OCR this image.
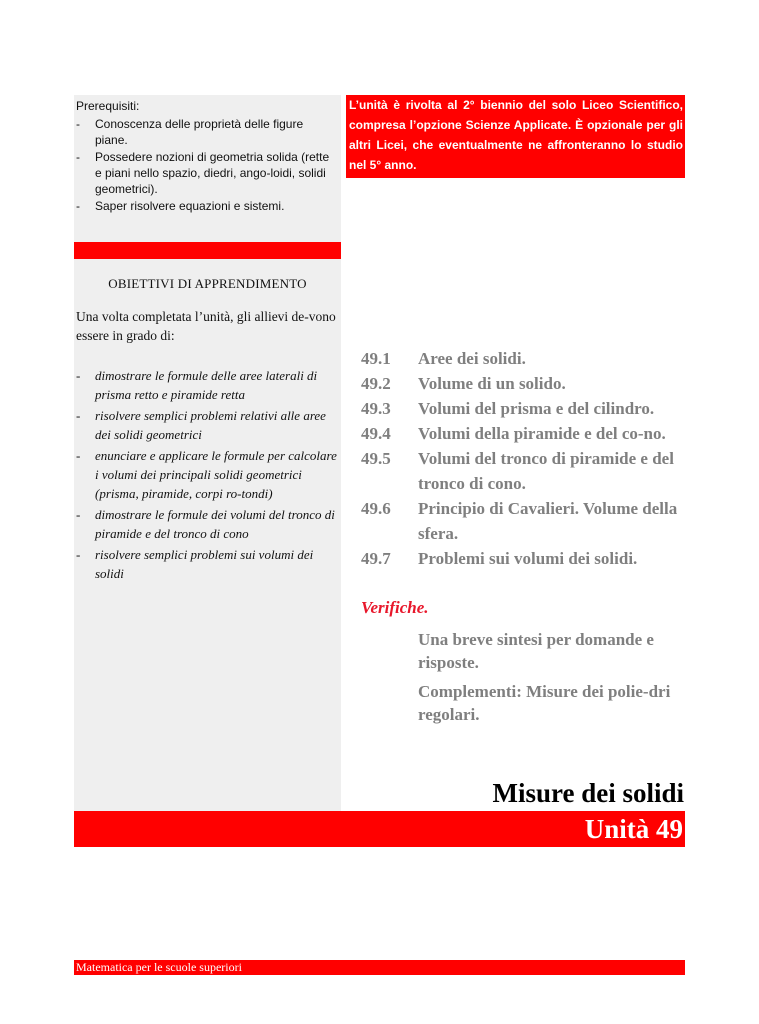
Prerequisiti:
- Conoscenza delle proprietà delle figure piane.
- Possedere nozioni di geometria solida (rette e piani nello spazio, diedri, ango-loidi, solidi geometrici).
- Saper risolvere equazioni e sistemi.
OBIETTIVI DI APPRENDIMENTO
Una volta completata l’unità, gli allievi de-vono essere in grado di:
- dimostrare le formule delle aree laterali di prisma retto e piramide retta
- risolvere semplici problemi relativi alle aree dei solidi geometrici
- enunciare e applicare le formule per calcolare i volumi dei principali solidi geometrici (prisma, piramide, corpi ro-tondi)
- dimostrare le formule dei volumi del tronco di piramide e del tronco di cono
- risolvere semplici problemi sui volumi dei solidi
L’unità è rivolta al 2° biennio del solo Liceo Scientifico, compresa l’opzione Scienze Applicate. È opzionale per gli altri Licei, che eventualmente ne affronteranno lo studio nel 5° anno.
49.1	Aree dei solidi.
49.2	Volume di un solido.
49.3	Volumi del prisma e del cilindro.
49.4	Volumi della piramide e del co-no.
49.5	Volumi del tronco di piramide e del tronco di cono.
49.6	Principio di Cavalieri. Volume della sfera.
49.7	Problemi sui volumi dei solidi.
Verifiche.
Una breve sintesi per domande e risposte.
Complementi: Misure dei polie-dri regolari.
Misure dei solidi
Unità 49
Matematica per le scuole superiori
